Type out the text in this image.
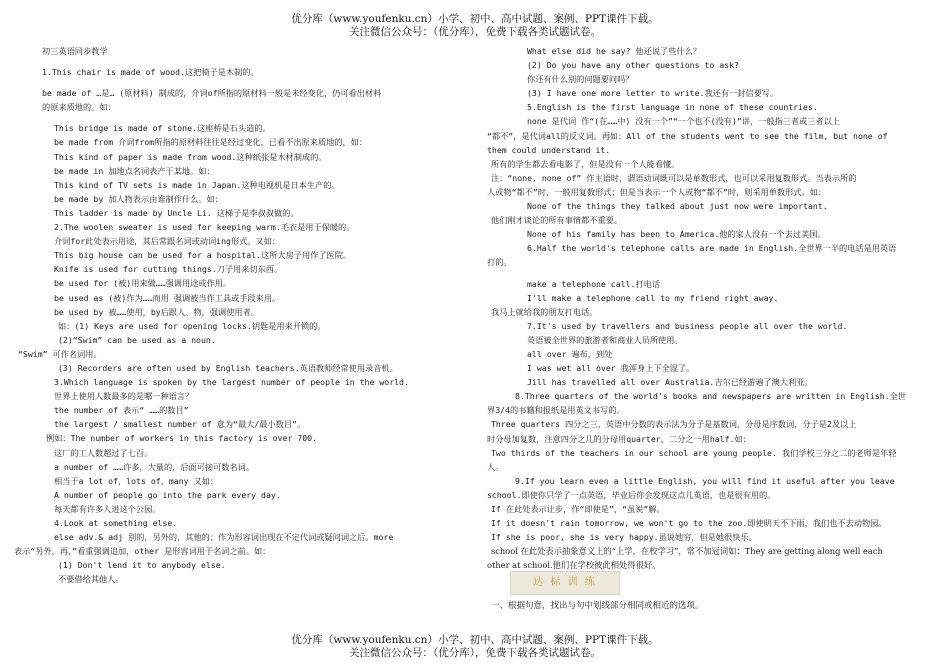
优分库（www.youfenku.cn）小学、初中、高中试题、案例、PPT课件下载。
关注微信公众号：（优分库），免费下载各类试题试卷。
初三英语同步教学
1.This chair is made of wood.这把椅子是木制的。
be made of …是… (原材料) 制成的，介词of所指的原材料一般是未经变化，仍可看出材料
的原来质地的。如：
This bridge is made of stone.这座桥是石头造的。
be made from 介词from所指的原材料往往是经过变化，已看不出原来质地的，如：
This kind of paper is made from wood.这种纸张是木材制成的。
be made in 加地点名词表产于某地。如：
This kind of TV sets is made in Japan.这种电视机是日本生产的。
be made by 加人物表示由谁制作什么。如：
This ladder is made by Uncle Li. 这梯子是李叔叔做的。
2.The woolen sweater is used for keeping warm.毛衣是用于保暖的。
介词for此处表示用途，其后常跟名词或动词ing形式。又如：
This big house can be used for a hospital.这所大房子用作了医院。
Knife is used for cutting things.刀子用来切东西。
be used for (被)用来做……强调用途或作用。
be used as (被)作为……而用 强调被当作工具或手段来用。
be used by 被……使用，by后跟人、物，强调使用者。
如：(1) Keys are used for opening locks.钥匙是用来开锁的。
(2)“Swim” can be used as a noun.
“Swim” 可作名词用。
(3) Recorders are often used by English teachers.英语教师经常使用录音机。
3.Which language is spoken by the largest number of people in the world.
世界上使用人数最多的是哪一种语言？
the number of 表示“ ……的数目”
the largest / smallest number of 意为“最大/最小数目”。
例如：The number of workers in this factory is over 700.
这厂的工人数超过了七百。
a number of ……许多，大量的，后面可接可数名词。
相当于a lot of，lots of，many 又如：
A number of people go into the park every day.
每天都有许多人进这个公园。
4.Look at something else.
else adv.& adj 别的，另外的，其他的；作为形容词出现在不定代词或疑问词之后。more
表示“另外，再，”看重强调追加，other 是形容词用于名词之前。如：
(1) Don't lend it to anybody else.
不要借给其他人。
What else did he say? 他还说了些什么？
(2) Do you have any other questions to ask?
你还有什么别的问题要问吗？
(3) I have one more letter to write.我还有一封信要写。
5.English is the first language in none of these countries.
none 是代词 作“(在……中) 没有一个”“一个也不(没有)”讲，一般指三者或三者以上
“都不”，是代词all的反义词。再如：All of the students went to see the film, but none of
them could understand it.
所有的学生都去看电影了，但是没有一个人能看懂。
注：“none, none of” 作主语时，谓语动词既可以是单数形式，也可以采用复数形式。当表示所的
人或物“都不”时，一般用复数形式；但是当表示一个人或物“都不”时，则采用单数形式。如：
None of the things they talked about just now were important.
他们刚才谈论的所有事情都不重要。
None of his family has been to America.他的家人没有一个去过美国。
6.Half the world's telephone calls are made in English.全世界一半的电话是用英语
打的。
make a telephone call.打电话
I'll make a telephone call to my friend right away.
我马上就给我的朋友打电话。
7.It's used by travellers and business people all over the world.
英语被全世界的旅游者和商业人员所使用。
all over 遍布，到处
I was wet all over 我浑身上下全湿了。
Jill has travelled all over Australia.吉尔已经游遍了澳大利亚。
8.Three quarters of the world's books and newspapers are written in English.全世
界3/4的书籍和报纸是用英文书写的。
Three quarters 四分之三，英语中分数的表示法为分子是基数词，分母是序数词，分子是2及以上
时分母加复数，注意四分之几的分母用quarter，二分之一用half.如：
Two thirds of the teachers in our school are young people. 我们学校三分之二的老师是年轻
人。
9.If you learn even a little English, you will find it useful after you leave
school.即使你只学了一点英语，毕业后你会发现这点儿英语，也是很有用的。
If 在此处表示让步，作“即使是”，“虽说”解。
If it doesn't rain tomorrow, we won't go to the zoo.即使明天不下雨，我们也不去动物园。
If she is poor, she is very happy.虽说她穷，但是她很快乐。
school 在此处表示抽象意义上的“上学，在校学习”，常不加冠词如：They are getting along well each
other at school.他们在学校彼此相处得很好。
达 标 训 练
一、根据句意，找出与句中划线部分相同或相近的选项。
优分库（www.youfenku.cn）小学、初中、高中试题、案例、PPT课件下载。
关注微信公众号：（优分库），免费下载各类试题试卷。
